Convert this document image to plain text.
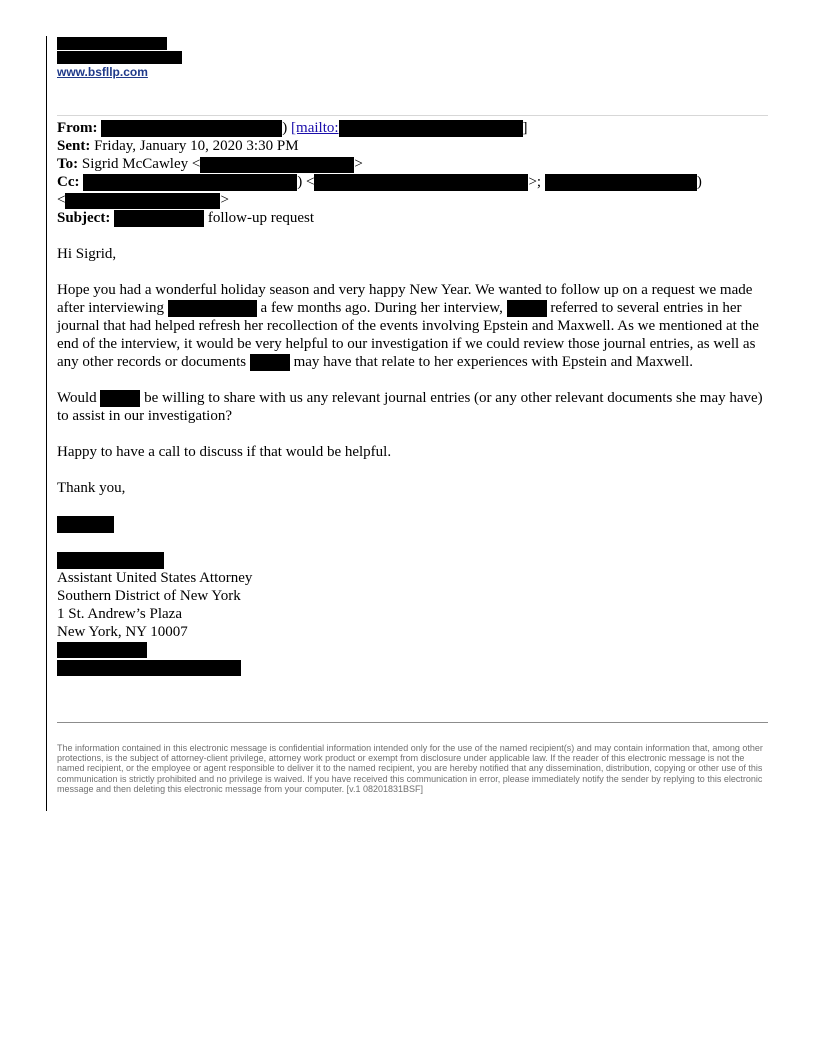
www.bsfllp.com
From:	) [mailto:	]
Sent: Friday, January 10, 2020 3:30 PM
To: Sigrid McCawley <	>
Cc:	) <	>;	)
<	>
Subject:	follow-up request

Hi Sigrid,

Hope you had a wonderful holiday season and very happy New Year. We wanted to follow up on a request we made after interviewing	a few months ago. During her interview,	referred to several entries in her journal that had helped refresh her recollection of the events involving Epstein and Maxwell. As we mentioned at the end of the interview, it would be very helpful to our investigation if we could review those journal entries, as well as any other records or documents	may have that relate to her experiences with Epstein and Maxwell.

Would	be willing to share with us any relevant journal entries (or any other relevant documents she may have) to assist in our investigation?

Happy to have a call to discuss if that would be helpful.

Thank you,

Assistant United States Attorney
Southern District of New York
1 St. Andrew’s Plaza
New York, NY 10007
The information contained in this electronic message is confidential information intended only for the use of the named recipient(s) and may contain information that, among other protections, is the subject of attorney-client privilege, attorney work product or exempt from disclosure under applicable law. If the reader of this electronic message is not the named recipient, or the employee or agent responsible to deliver it to the named recipient, you are hereby notified that any dissemination, distribution, copying or other use of this communication is strictly prohibited and no privilege is waived. If you have received this communication in error, please immediately notify the sender by replying to this electronic message and then deleting this electronic message from your computer. [v.1 08201831BSF]
